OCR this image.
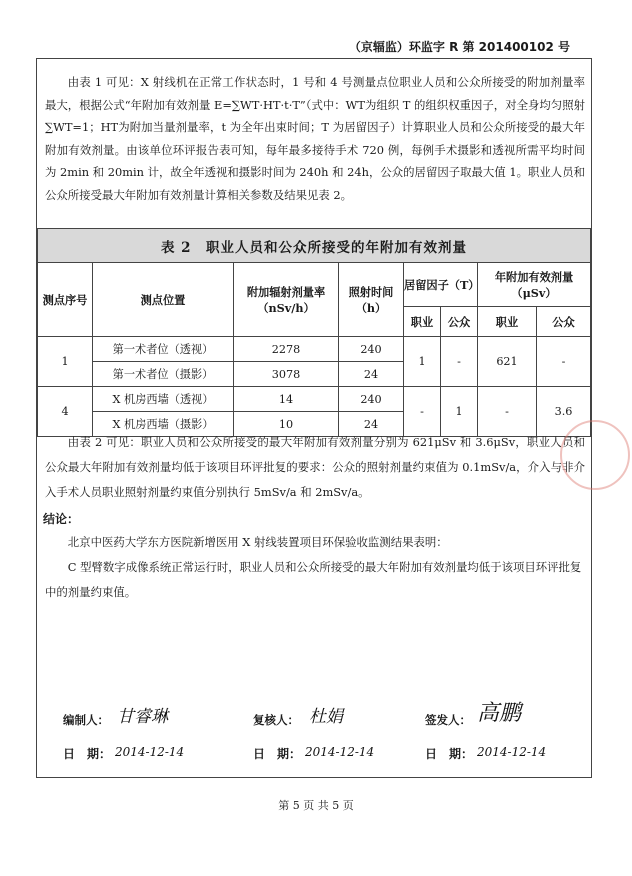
（京辐监）环监字 R 第 201400102 号
由表 1 可见：X 射线机在正常工作状态时，1 号和 4 号测量点位职业人员和公众所接受的附加剂量率最大，根据公式“年附加有效剂量 E=∑WT·HT·t·T”（式中：WT为组织 T 的组织权重因子，对全身均匀照射∑WT=1；HT为附加当量剂量率，t 为全年出束时间；T 为居留因子）计算职业人员和公众所接受的最大年附加有效剂量。由该单位环评报告表可知，每年最多接待手术 720 例，每例手术摄影和透视所需平均时间为 2min 和 20min 计，故全年透视和摄影时间为 240h 和 24h，公众的居留因子取最大值 1。职业人员和公众所接受最大年附加有效剂量计算相关参数及结果见表 2。
表 2　职业人员和公众所接受的年附加有效剂量							
测点序号	测点位置	附加辐射剂量率（nSv/h）	照射时间（h）	居留因子（T）		年附加有效剂量（μSv）	
				职业	公众	职业	公众
1	第一术者位（透视）	2278	240	1	-	621	-
	第一术者位（摄影）	3078	24				
4	X 机房西墙（透视）	14	240	-	1	-	3.6
	X 机房西墙（摄影）	10	24				
由表 2 可见：职业人员和公众所接受的最大年附加有效剂量分别为 621μSv 和 3.6μSv，职业人员和公众最大年附加有效剂量均低于该项目环评批复的要求：公众的照射剂量约束值为 0.1mSv/a，介入与非介入手术人员职业照射剂量约束值分别执行 5mSv/a 和 2mSv/a。
结论：
北京中医药大学东方医院新增医用 X 射线装置项目环保验收监测结果表明：
C 型臂数字成像系统正常运行时，职业人员和公众所接受的最大年附加有效剂量均低于该项目环评批复中的剂量约束值。
编制人： 甘睿琳	复核人： 杜娟	签发人： 高鹏
日　期： 2014-12-14	日　期： 2014-12-14	日　期： 2014-12-14
第 5 页 共 5 页
